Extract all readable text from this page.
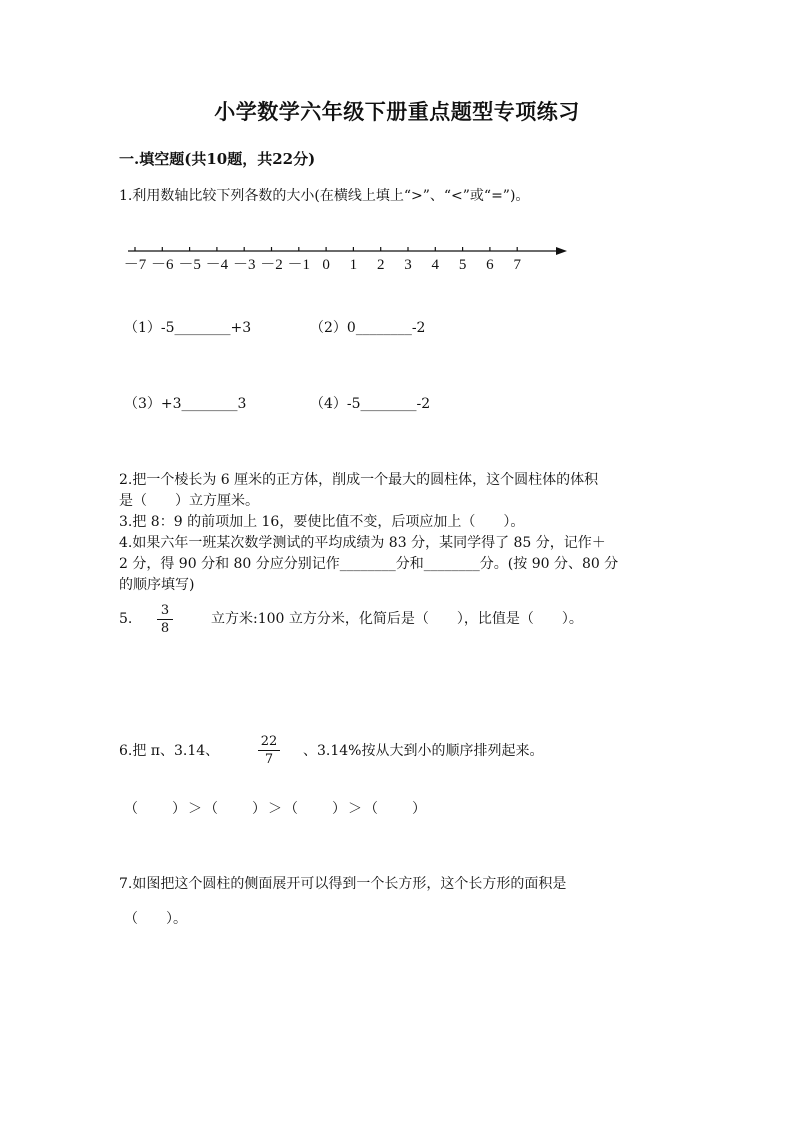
小学数学六年级下册重点题型专项练习
一.填空题(共10题，共22分)
1.利用数轴比较下列各数的大小(在横线上填上“>”、“<”或“=”)。
－7 －6 －5 －4 －3 －2 －1 0 1 2 3 4 5 6 7
（1）-5________+3	（2）0________-2
（3）+3________3	（4）-5________-2
2.把一个棱长为 6 厘米的正方体，削成一个最大的圆柱体，这个圆柱体的体积
是（　　）立方厘米。
3.把 8：9 的前项加上 16，要使比值不变，后项应加上（　　）。
4.如果六年一班某次数学测试的平均成绩为 83 分，某同学得了 85 分，记作＋
2 分，得 90 分和 80 分应分别记作________分和________分。(按 90 分、80 分
的顺序填写)
5.
3
8
立方米:100 立方分米，化简后是（　　），比值是（　　）。
6.把 π、3.14、
22
7
、3.14%按从大到小的顺序排列起来。
（　　）＞（　　）＞（　　）＞（　　）
7.如图把这个圆柱的侧面展开可以得到一个长方形，这个长方形的面积是
（　　）。
